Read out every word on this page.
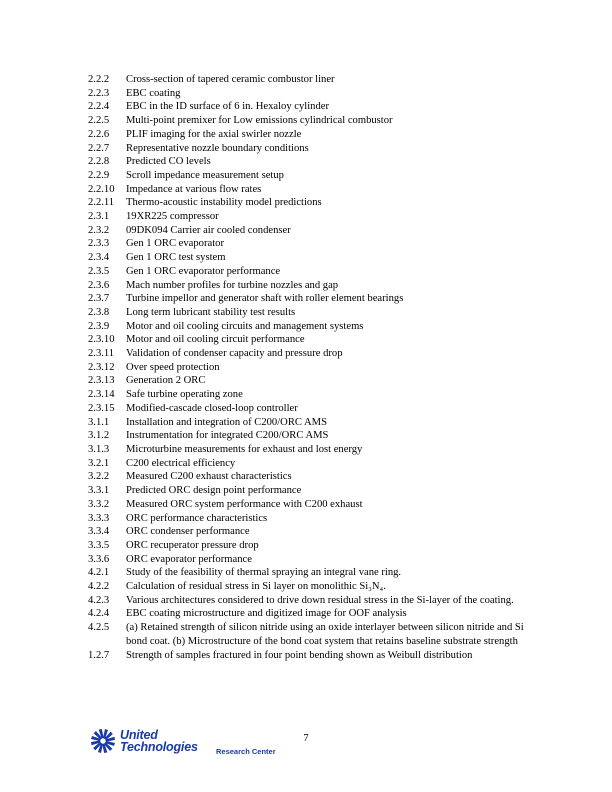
2.2.2	Cross-section of tapered ceramic combustor liner
2.2.3	EBC coating
2.2.4	EBC in the ID surface of 6 in. Hexaloy cylinder
2.2.5	Multi-point premixer for Low emissions cylindrical combustor
2.2.6	PLIF imaging for the axial swirler nozzle
2.2.7	Representative nozzle boundary conditions
2.2.8	Predicted CO levels
2.2.9	Scroll impedance measurement setup
2.2.10	Impedance at various flow rates
2.2.11	Thermo-acoustic instability model predictions
2.3.1	19XR225 compressor
2.3.2	09DK094 Carrier air cooled condenser
2.3.3	Gen 1 ORC evaporator
2.3.4	Gen 1 ORC test system
2.3.5	Gen 1 ORC evaporator performance
2.3.6	Mach number profiles for turbine nozzles and gap
2.3.7	Turbine impellor and generator shaft with roller element bearings
2.3.8	Long term lubricant stability test results
2.3.9	Motor and oil cooling circuits and management systems
2.3.10	Motor and oil cooling circuit performance
2.3.11	Validation of condenser capacity and pressure drop
2.3.12	Over speed protection
2.3.13	Generation 2 ORC
2.3.14	Safe turbine operating zone
2.3.15	Modified-cascade closed-loop controller
3.1.1	Installation and integration of C200/ORC AMS
3.1.2	Instrumentation for integrated C200/ORC AMS
3.1.3	Microturbine measurements for exhaust and lost energy
3.2.1	C200 electrical efficiency
3.2.2	Measured C200 exhaust characteristics
3.3.1	Predicted ORC design point performance
3.3.2	Measured ORC system performance with C200 exhaust
3.3.3	ORC performance characteristics
3.3.4	ORC condenser performance
3.3.5	ORC recuperator pressure drop
3.3.6	ORC evaporator performance
4.2.1	Study of the feasibility of thermal spraying an integral vane ring.
4.2.2	Calculation of residual stress in Si layer on monolithic Si₃N₄.
4.2.3	Various architectures considered to drive down residual stress in the Si-layer of the coating.
4.2.4	EBC coating microstructure and digitized image for OOF analysis
4.2.5	(a) Retained strength of silicon nitride using an oxide interlayer between silicon nitride and Si bond coat. (b) Microstructure of the bond coat system that retains baseline substrate strength
1.2.7	Strength of samples fractured in four point bending shown as Weibull distribution
7
United
Technologies Research Center
